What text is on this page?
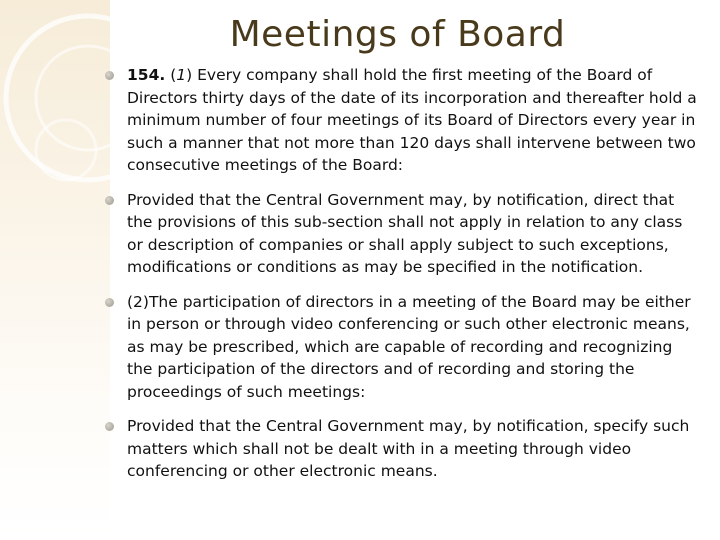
Meetings of Board
154. (1) Every company shall hold the first meeting of the Board of Directors thirty days of the date of its incorporation and thereafter hold a minimum number of four meetings of its Board of Directors every year in such a manner that not more than 120 days shall intervene between two consecutive meetings of the Board:
Provided that the Central Government may, by notification, direct that the provisions of this sub-section shall not apply in relation to any class or description of companies or shall apply subject to such exceptions, modifications or conditions as may be specified in the notification.
(2)The participation of directors in a meeting of the Board may be either in person or through video conferencing or such other electronic means, as may be prescribed, which are capable of recording and recognizing the participation of the directors and of recording and storing the proceedings of such meetings:
Provided that the Central Government may, by notification, specify such matters which shall not be dealt with in a meeting through video conferencing or other electronic means.
